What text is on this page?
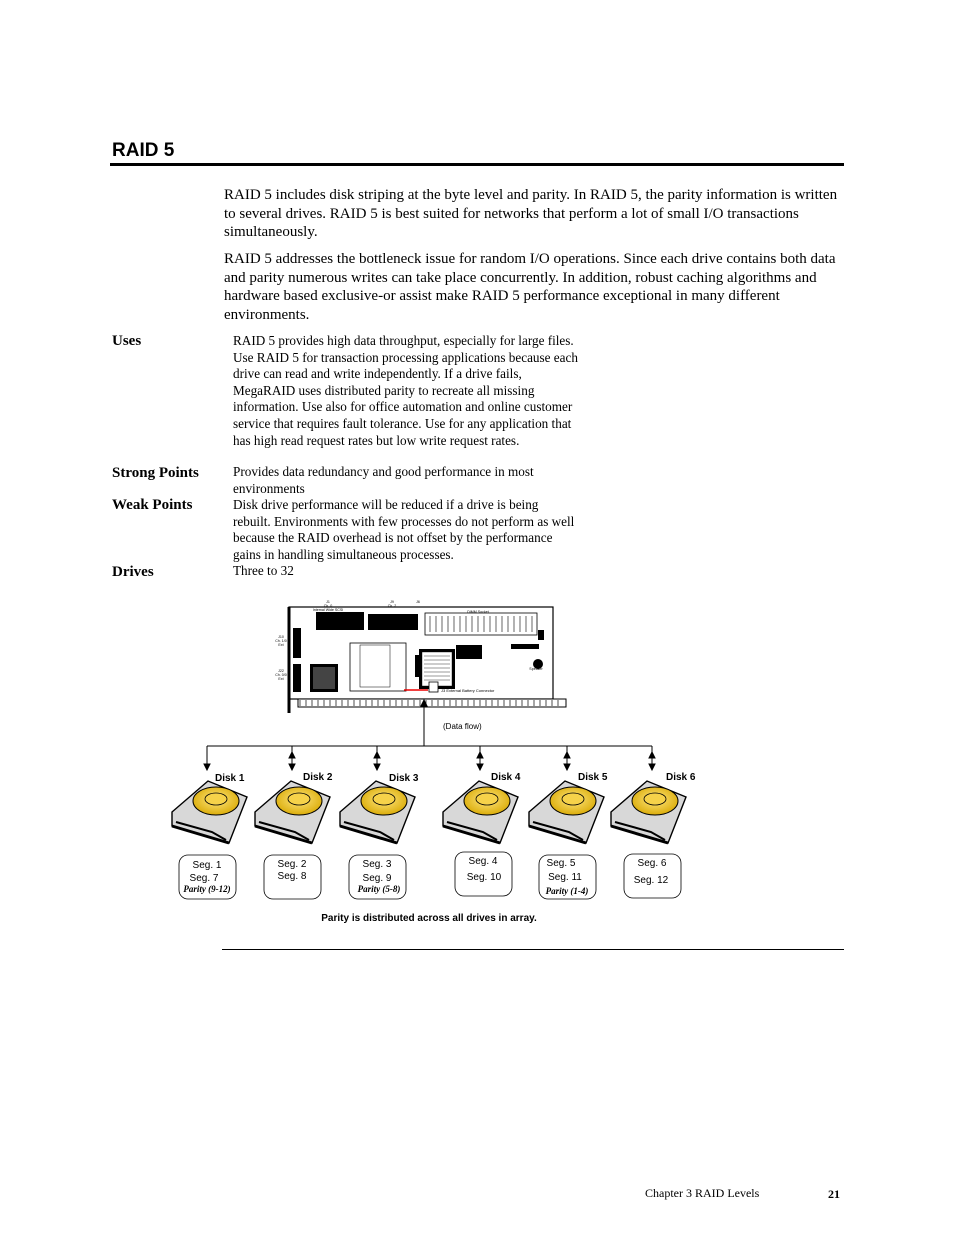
RAID 5
RAID 5 includes disk striping at the byte level and parity. In RAID 5, the parity information is written to several drives. RAID 5 is best suited for networks that perform a lot of small I/O transactions simultaneously.
RAID 5 addresses the bottleneck issue for random I/O operations. Since each drive contains both data and parity numerous writes can take place concurrently. In addition, robust caching algorithms and hardware based exclusive-or assist make RAID 5 performance exceptional in many different environments.
Uses	RAID 5 provides high data throughput, especially for large files. Use RAID 5 for transaction processing applications because each drive can read and write independently. If a drive fails, MegaRAID uses distributed parity to recreate all missing information. Use also for office automation and online customer service that requires fault tolerance. Use for any application that has high read request rates but low write request rates.
Strong Points	Provides data redundancy and good performance in most environments
Weak Points	Disk drive performance will be reduced if a drive is being rebuilt. Environments with few processes do not perform as well because the RAID overhead is not offset by the performance gains in handling simultaneous processes.
Drives	Three to 32
J1
Ch. 0
Internal Wide SCSI
J9
Ch. 2
J6
DIMM Socket
J10
Ch. 1/0
Ext
J22
Ch. 0/0
Ext
Speaker
J3 External Battery Connector
(Data flow)
Disk 1
Seg. 1
Seg. 7
Parity (9-12)
Disk 2
Seg. 2
Seg. 8
Disk 3
Seg. 3
Seg. 9
Parity (5-8)
Disk 4
Seg. 4
Seg. 10
Disk 5
Seg. 5
Seg. 11
Parity (1-4)
Disk 6
Seg. 6
Seg. 12
Parity is distributed across all drives in array.
Chapter 3 RAID Levels	21
